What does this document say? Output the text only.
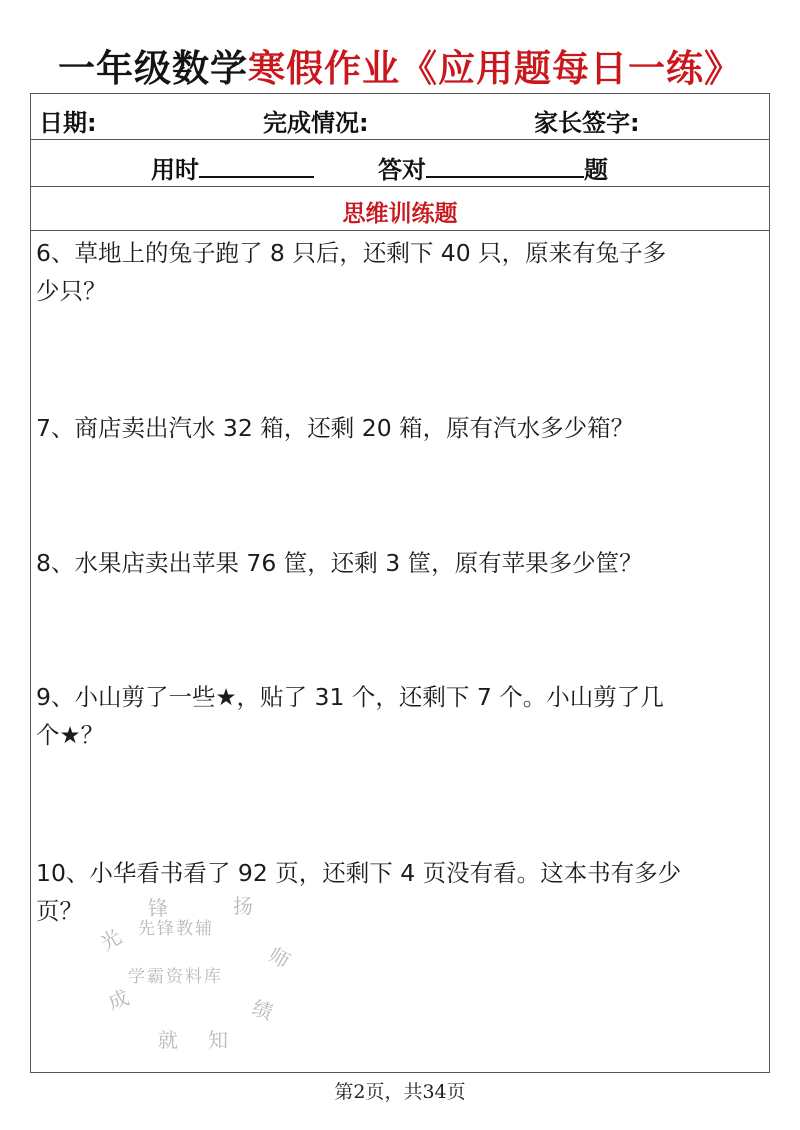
一年级数学寒假作业《应用题每日一练》
日期:	完成情况:	家长签字:
用时	答对	题
思维训练题
6、草地上的兔子跑了 8 只后，还剩下 40 只，原来有兔子多
少只？
7、商店卖出汽水 32 箱，还剩 20 箱，原有汽水多少箱？
8、水果店卖出苹果 76 筐，还剩 3 筐，原有苹果多少筐？
9、小山剪了一些★，贴了 31 个，还剩下 7 个。小山剪了几
个★？
10、小华看书看了 92 页，还剩下 4 页没有看。这本书有多少
页？
光
锋	扬
师
成	绩
就 知
先锋教辅
学霸资料库
第2页，共34页
